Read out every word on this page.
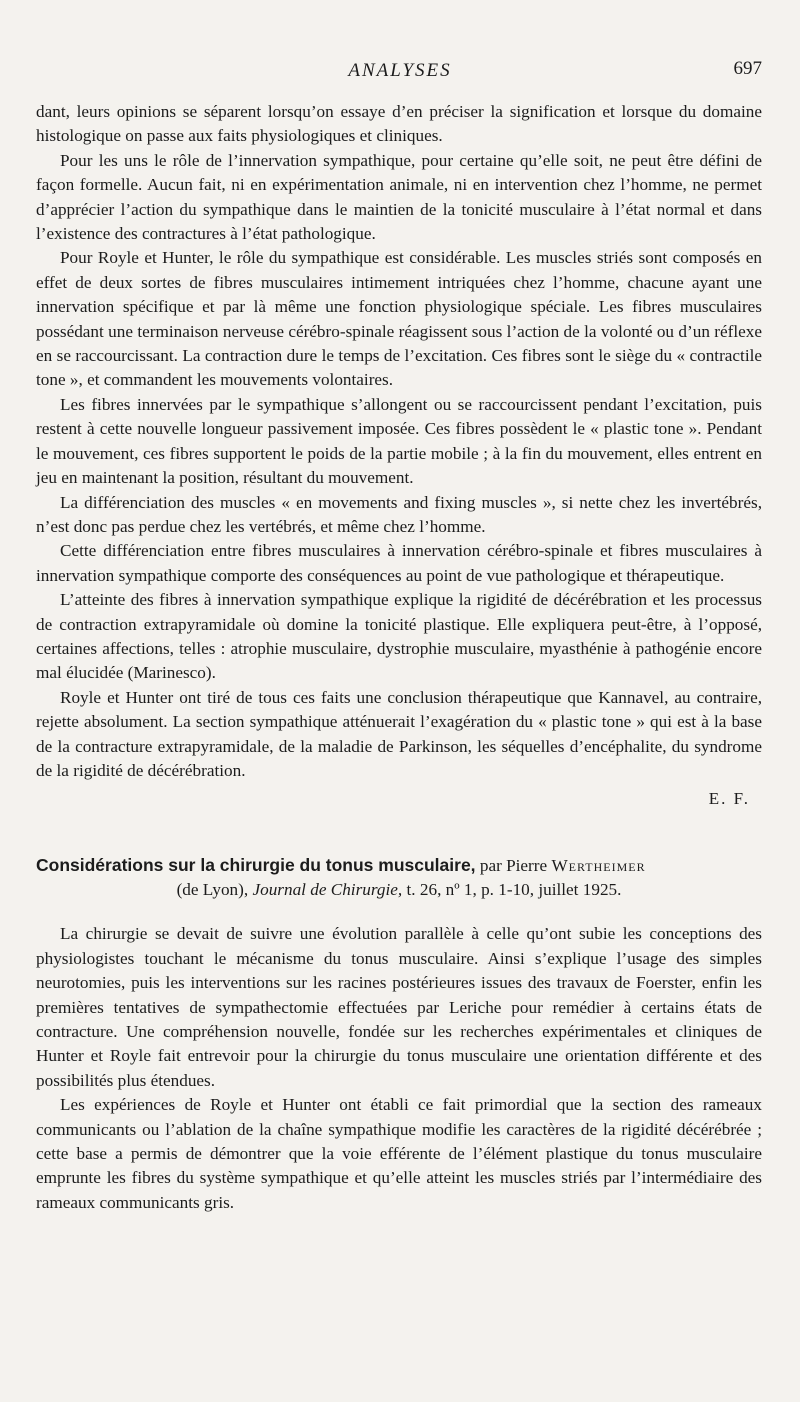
ANALYSES	697

dant, leurs opinions se séparent lorsqu’on essaye d’en préciser la signification et lorsque du domaine histologique on passe aux faits physiologiques et cliniques.

Pour les uns le rôle de l’innervation sympathique, pour certaine qu’elle soit, ne peut être défini de façon formelle. Aucun fait, ni en expérimentation animale, ni en intervention chez l’homme, ne permet d’apprécier l’action du sympathique dans le maintien de la tonicité musculaire à l’état normal et dans l’existence des contractures à l’état pathologique.

Pour Royle et Hunter, le rôle du sympathique est considérable. Les muscles striés sont composés en effet de deux sortes de fibres musculaires intimement intriquées chez l’homme, chacune ayant une innervation spécifique et par là même une fonction physiologique spéciale. Les fibres musculaires possédant une terminaison nerveuse cérébro-spinale réagissent sous l’action de la volonté ou d’un réflexe en se raccourcissant. La contraction dure le temps de l’excitation. Ces fibres sont le siège du « contractile tone », et commandent les mouvements volontaires.

Les fibres innervées par le sympathique s’allongent ou se raccourcissent pendant l’excitation, puis restent à cette nouvelle longueur passivement imposée. Ces fibres possèdent le « plastic tone ». Pendant le mouvement, ces fibres supportent le poids de la partie mobile ; à la fin du mouvement, elles entrent en jeu en maintenant la position, résultant du mouvement.

La différenciation des muscles « en movements and fixing muscles », si nette chez les invertébrés, n’est donc pas perdue chez les vertébrés, et même chez l’homme.

Cette différenciation entre fibres musculaires à innervation cérébro-spinale et fibres musculaires à innervation sympathique comporte des conséquences au point de vue pathologique et thérapeutique.

L’atteinte des fibres à innervation sympathique explique la rigidité de décérébration et les processus de contraction extrapyramidale où domine la tonicité plastique. Elle expliquera peut-être, à l’opposé, certaines affections, telles : atrophie musculaire, dystrophie musculaire, myasthénie à pathogénie encore mal élucidée (Marinesco).

Royle et Hunter ont tiré de tous ces faits une conclusion thérapeutique que Kannavel, au contraire, rejette absolument. La section sympathique atténuerait l’exagération du « plastic tone » qui est à la base de la contracture extrapyramidale, de la maladie de Parkinson, les séquelles d’encéphalite, du syndrome de la rigidité de décérébration.

E. F.
Considérations sur la chirurgie du tonus musculaire, par Pierre Wertheimer
(de Lyon), Journal de Chirurgie, t. 26, nº 1, p. 1-10, juillet 1925.

La chirurgie se devait de suivre une évolution parallèle à celle qu’ont subie les conceptions des physiologistes touchant le mécanisme du tonus musculaire. Ainsi s’explique l’usage des simples neurotomies, puis les interventions sur les racines postérieures issues des travaux de Foerster, enfin les premières tentatives de sympathectomie effectuées par Leriche pour remédier à certains états de contracture. Une compréhension nouvelle, fondée sur les recherches expérimentales et cliniques de Hunter et Royle fait entrevoir pour la chirurgie du tonus musculaire une orientation différente et des possibilités plus étendues.

Les expériences de Royle et Hunter ont établi ce fait primordial que la section des rameaux communicants ou l’ablation de la chaîne sympathique modifie les caractères de la rigidité décérébrée ; cette base a permis de démontrer que la voie efférente de l’élément plastique du tonus musculaire emprunte les fibres du système sympathique et qu’elle atteint les muscles striés par l’intermédiaire des rameaux communicants gris.
